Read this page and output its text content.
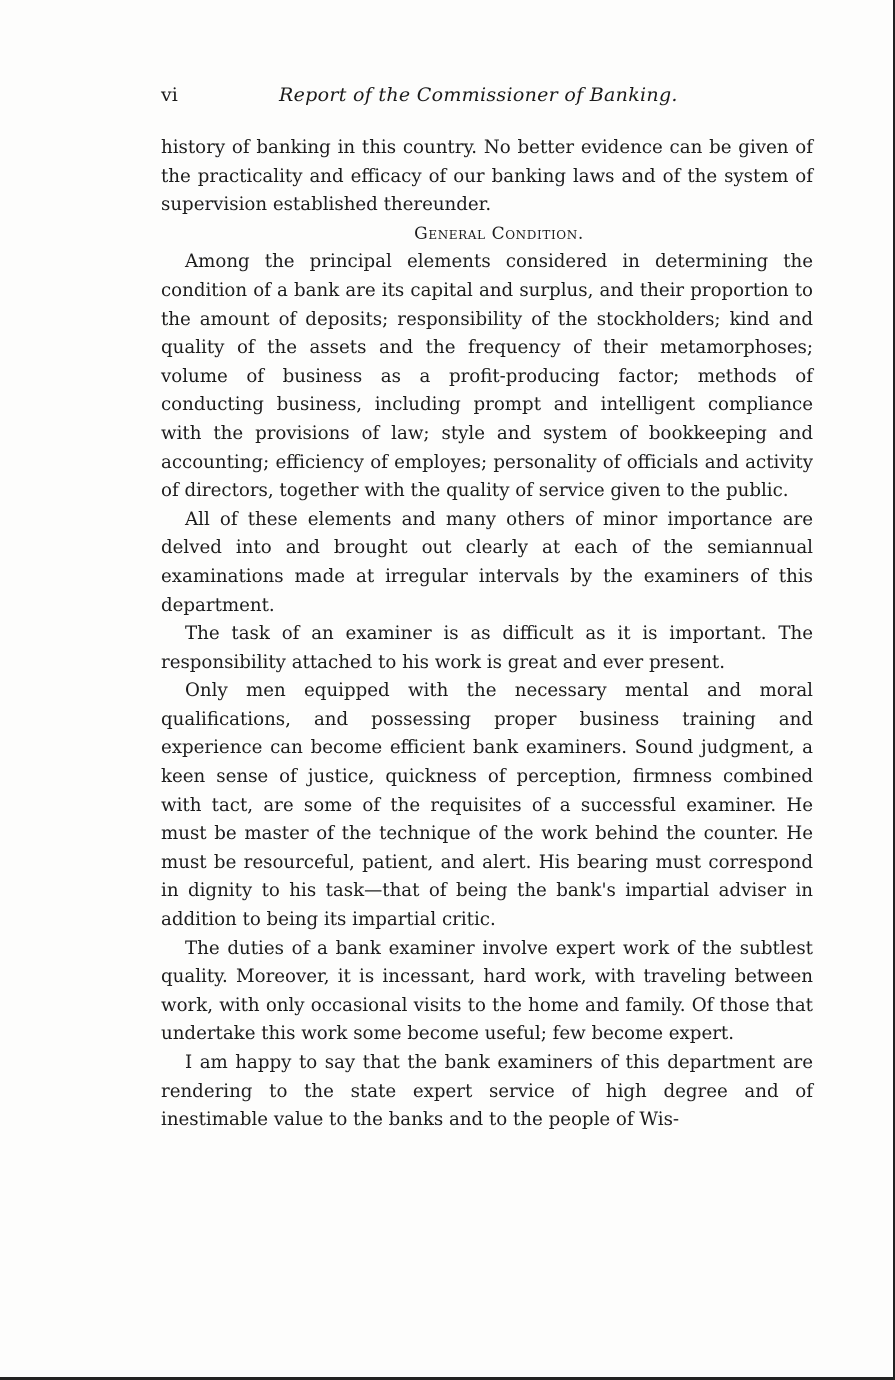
vi	Report of the Commissioner of Banking.

history of banking in this country. No better evidence can be given of the practicality and efficacy of our banking laws and of the system of supervision established thereunder.

General Condition.

Among the principal elements considered in determining the condition of a bank are its capital and surplus, and their proportion to the amount of deposits; responsibility of the stockholders; kind and quality of the assets and the frequency of their metamorphoses; volume of business as a profit-producing factor; methods of conducting business, including prompt and intelligent compliance with the provisions of law; style and system of bookkeeping and accounting; efficiency of employes; personality of officials and activity of directors, together with the quality of service given to the public.

All of these elements and many others of minor importance are delved into and brought out clearly at each of the semiannual examinations made at irregular intervals by the examiners of this department.

The task of an examiner is as difficult as it is important. The responsibility attached to his work is great and ever present.

Only men equipped with the necessary mental and moral qualifications, and possessing proper business training and experience can become efficient bank examiners. Sound judgment, a keen sense of justice, quickness of perception, firmness combined with tact, are some of the requisites of a successful examiner. He must be master of the technique of the work behind the counter. He must be resourceful, patient, and alert. His bearing must correspond in dignity to his task—that of being the bank's impartial adviser in addition to being its impartial critic.

The duties of a bank examiner involve expert work of the subtlest quality. Moreover, it is incessant, hard work, with traveling between work, with only occasional visits to the home and family. Of those that undertake this work some become useful; few become expert.

I am happy to say that the bank examiners of this department are rendering to the state expert service of high degree and of inestimable value to the banks and to the people of Wis-
